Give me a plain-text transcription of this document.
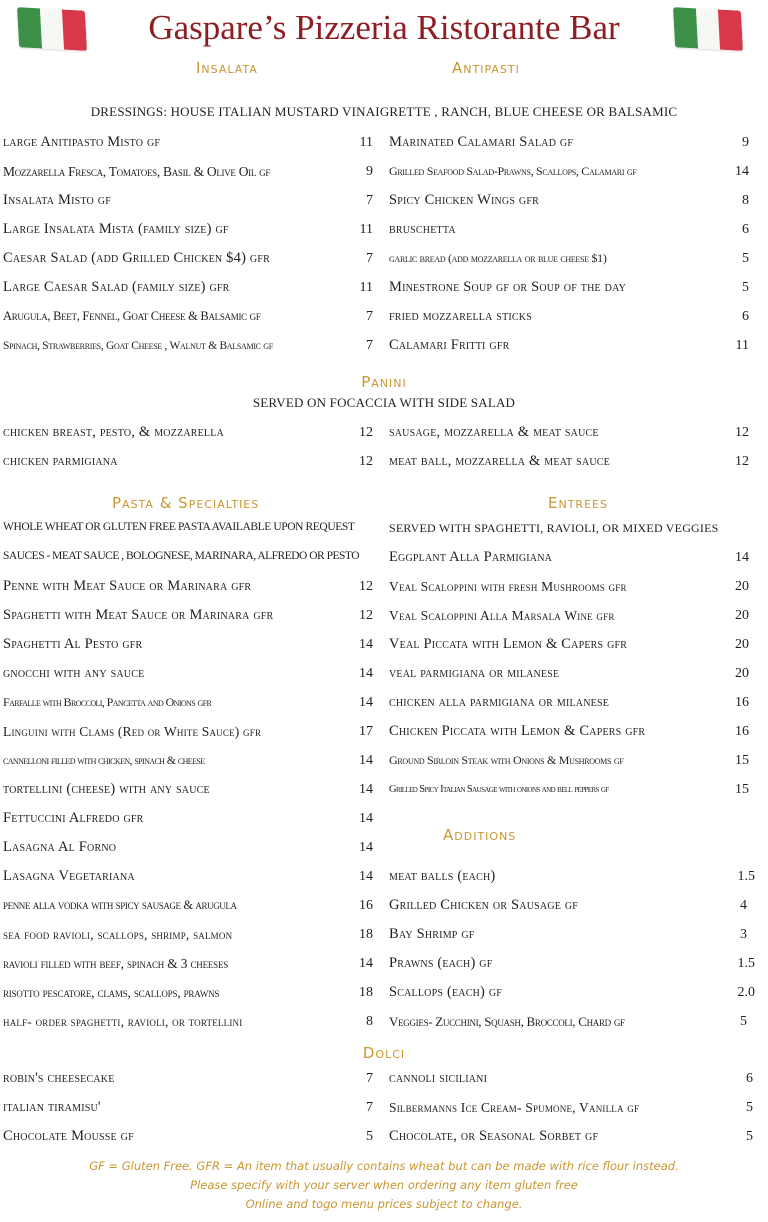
Gaspare’s Pizzeria Ristorante Bar
Insalata	Antipasti
DRESSINGS: HOUSE ITALIAN MUSTARD VINAIGRETTE , RANCH, BLUE CHEESE OR BALSAMIC
large Anitipasto Misto gf	11
Mozzarella Fresca, Tomatoes, Basil & Olive Oil gf	9
Insalata Misto gf	7
Large Insalata Mista (family size) gf	11
Caesar Salad (add Grilled Chicken $4) gfr	7
Large Caesar Salad (family size) gfr	11
Arugula, Beet, Fennel, Goat Cheese & Balsamic gf	7
Spinach, Strawberries, Goat Cheese , Walnut & Balsamic gf	7
Marinated Calamari Salad gf	9
Grilled Seafood Salad-Prawns, Scallops, Calamari gf	14
Spicy Chicken Wings gfr	8
bruschetta	6
garlic bread (add mozzarella or blue cheese $1)	5
Minestrone Soup gf or Soup of the day	5
fried mozzarella sticks	6
Calamari Fritti gfr	11
Panini
SERVED ON FOCACCIA WITH SIDE SALAD
chicken breast, pesto, & mozzarella	12
chicken parmigiana	12
sausage, mozzarella & meat sauce	12
meat ball, mozzarella & meat sauce	12
Pasta & Specialties
WHOLE WHEAT OR GLUTEN FREE PASTA AVAILABLE UPON REQUEST
SAUCES - MEAT SAUCE , BOLOGNESE, MARINARA, ALFREDO OR PESTO
Penne with Meat Sauce or Marinara gfr	12
Spaghetti with Meat Sauce or Marinara gfr	12
Spaghetti Al Pesto gfr	14
gnocchi with any sauce	14
Farfalle with Broccoli, Pancetta and Onions gfr	14
Linguini with Clams (Red or White Sauce) gfr	17
cannelloni filled with chicken, spinach & cheese	14
tortellini (cheese) with any sauce	14
Fettuccini Alfredo gfr	14
Lasagna Al Forno	14
Lasagna Vegetariana	14
penne alla vodka with spicy sausage & arugula	16
sea food ravioli, scallops, shrimp, salmon	18
ravioli filled with beef, spinach & 3 cheeses	14
risotto pescatore, clams, scallops, prawns	18
half- order spaghetti, ravioli, or tortellini	8
Entrees
SERVED WITH SPAGHETTI, RAVIOLI, OR MIXED VEGGIES
Eggplant Alla Parmigiana	14
Veal Scaloppini with fresh Mushrooms gfr	20
Veal Scaloppini Alla Marsala Wine gfr	20
Veal Piccata with Lemon & Capers gfr	20
veal parmigiana or milanese	20
chicken alla parmigiana or milanese	16
Chicken Piccata with Lemon & Capers gfr	16
Ground Sirloin Steak with Onions & Mushrooms gf	15
Grilled Spicy Italian Sausage with onions and bell peppers gf	15
Additions
meat balls (each)	1.5
Grilled Chicken or Sausage gf	4
Bay Shrimp gf	3
Prawns (each) gf	1.5
Scallops (each) gf	2.0
Veggies- Zucchini, Squash, Broccoli, Chard gf	5
Dolci
robin's cheesecake	7
italian tiramisu'	7
Chocolate Mousse gf	5
cannoli siciliani	6
Silbermanns Ice Cream- Spumone, Vanilla gf	5
Chocolate, or Seasonal Sorbet gf	5
GF = Gluten Free. GFR = An item that usually contains wheat but can be made with rice flour instead.
Please specify with your server when ordering any item gluten free
Online and togo menu prices subject to change.
